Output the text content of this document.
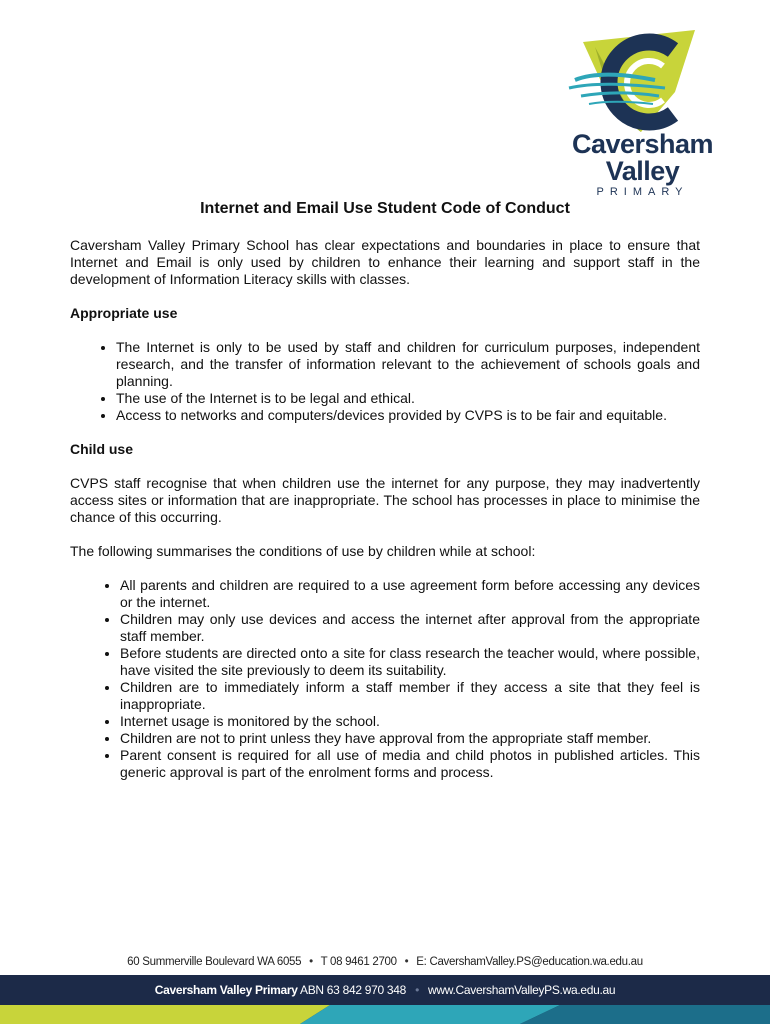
Caversham
Valley
PRIMARY
Internet and Email Use Student Code of Conduct

Caversham Valley Primary School has clear expectations and boundaries in place to ensure that Internet and Email is only used by children to enhance their learning and support staff in the development of Information Literacy skills with classes.

Appropriate use
• The Internet is only to be used by staff and children for curriculum purposes, independent research, and the transfer of information relevant to the achievement of schools goals and planning.
• The use of the Internet is to be legal and ethical.
• Access to networks and computers/devices provided by CVPS is to be fair and equitable.
Child use

CVPS staff recognise that when children use the internet for any purpose, they may inadvertently access sites or information that are inappropriate. The school has processes in place to minimise the chance of this occurring.

The following summarises the conditions of use by children while at school:

• All parents and children are required to a use agreement form before accessing any devices or the internet.
• Children may only use devices and access the internet after approval from the appropriate staff member.
• Before students are directed onto a site for class research the teacher would, where possible, have visited the site previously to deem its suitability.
• Children are to immediately inform a staff member if they access a site that they feel is inappropriate.
• Internet usage is monitored by the school.
• Children are not to print unless they have approval from the appropriate staff member.
• Parent consent is required for all use of media and child photos in published articles. This generic approval is part of the enrolment forms and process.
60 Summerville Boulevard WA 6055 • T 08 9461 2700 • E: CavershamValley.PS@education.wa.edu.au
Caversham Valley Primary ABN 63 842 970 348 • www.CavershamValleyPS.wa.edu.au
